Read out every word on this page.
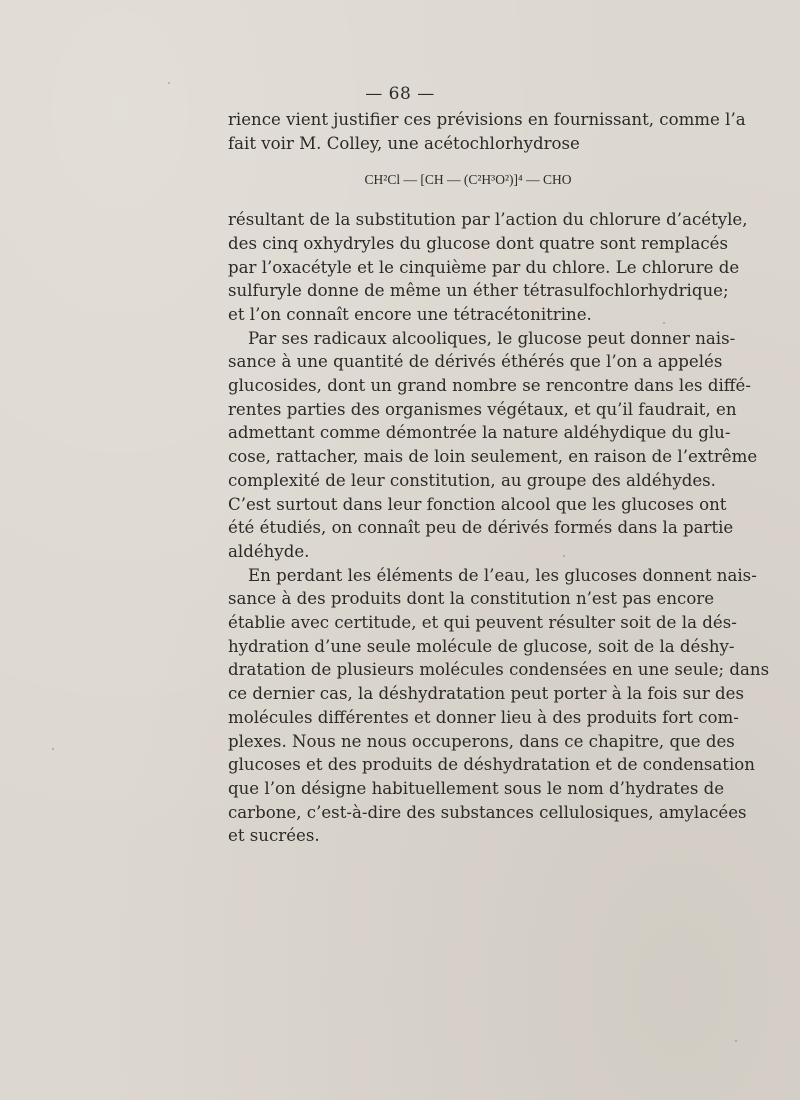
— 68 —
rience vient justifier ces prévisions en fournissant, comme l’a
fait voir M. Colley, une acétochlorhydrose
CH²Cl — [CH — (C²H³O²)]⁴ — CHO
résultant de la substitution par l’action du chlorure d’acétyle,
des cinq oxhydryles du glucose dont quatre sont remplacés
par l’oxacétyle et le cinquième par du chlore. Le chlorure de
sulfuryle donne de même un éther tétrasulfochlorhydrique;
et l’on connaît encore une tétracétonitrine.
Par ses radicaux alcooliques, le glucose peut donner nais-
sance à une quantité de dérivés éthérés que l’on a appelés
glucosides, dont un grand nombre se rencontre dans les diffé-
rentes parties des organismes végétaux, et qu’il faudrait, en
admettant comme démontrée la nature aldéhydique du glu-
cose, rattacher, mais de loin seulement, en raison de l’extrême
complexité de leur constitution, au groupe des aldéhydes.
C’est surtout dans leur fonction alcool que les glucoses ont
été étudiés, on connaît peu de dérivés formés dans la partie
aldéhyde.
En perdant les éléments de l’eau, les glucoses donnent nais-
sance à des produits dont la constitution n’est pas encore
établie avec certitude, et qui peuvent résulter soit de la dés-
hydration d’une seule molécule de glucose, soit de la déshy-
dratation de plusieurs molécules condensées en une seule; dans
ce dernier cas, la déshydratation peut porter à la fois sur des
molécules différentes et donner lieu à des produits fort com-
plexes. Nous ne nous occuperons, dans ce chapitre, que des
glucoses et des produits de déshydratation et de condensation
que l’on désigne habituellement sous le nom d’hydrates de
carbone, c’est-à-dire des substances cellulosiques, amylacées
et sucrées.
